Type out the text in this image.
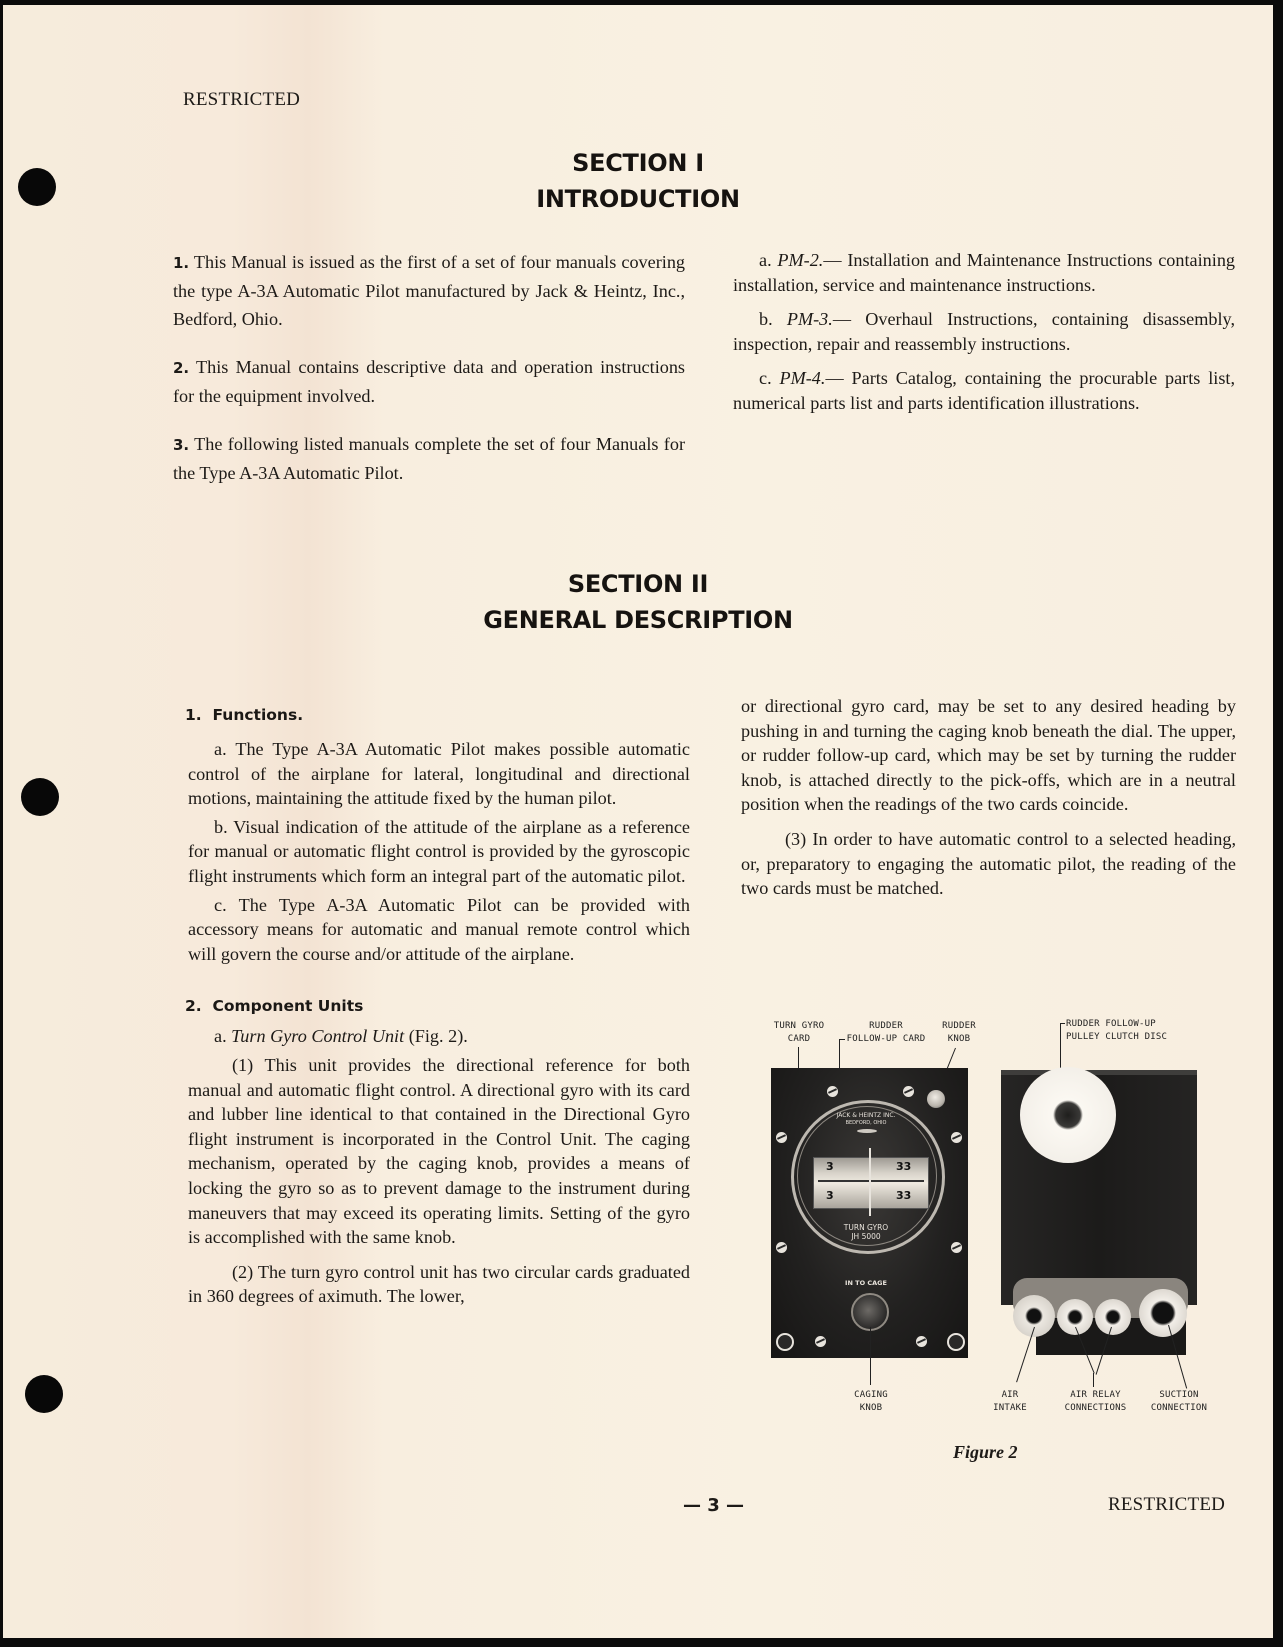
RESTRICTED
SECTION I
INTRODUCTION

1. This Manual is issued as the first of a set of four manuals covering the type A-3A Automatic Pilot manufactured by Jack & Heintz, Inc., Bedford, Ohio.

2. This Manual contains descriptive data and operation instructions for the equipment involved.

3. The following listed manuals complete the set of four Manuals for the Type A-3A Automatic Pilot.

a. PM-2.— Installation and Maintenance Instructions containing installation, service and maintenance instructions.

b. PM-3.— Overhaul Instructions, containing disassembly, inspection, repair and reassembly instructions.

c. PM-4.— Parts Catalog, containing the procurable parts list, numerical parts list and parts identification illustrations.

SECTION II
GENERAL DESCRIPTION
1. Functions.

a. The Type A-3A Automatic Pilot makes possible automatic control of the airplane for lateral, longitudinal and directional motions, maintaining the attitude fixed by the human pilot.

b. Visual indication of the attitude of the airplane as a reference for manual or automatic flight control is provided by the gyroscopic flight instruments which form an integral part of the automatic pilot.

c. The Type A-3A Automatic Pilot can be provided with accessory means for automatic and manual remote control which will govern the course and/or attitude of the airplane.

2. Component Units

a. Turn Gyro Control Unit (Fig. 2).

(1) This unit provides the directional reference for both manual and automatic flight control. A directional gyro with its card and lubber line identical to that contained in the Directional Gyro flight instrument is incorporated in the Control Unit. The caging mechanism, operated by the caging knob, provides a means of locking the gyro so as to prevent damage to the instrument during maneuvers that may exceed its operating limits. Setting of the gyro is accomplished with the same knob.

(2) The turn gyro control unit has two circular cards graduated in 360 degrees of aximuth. The lower,

or directional gyro card, may be set to any desired heading by pushing in and turning the caging knob beneath the dial. The upper, or rudder follow-up card, which may be set by turning the rudder knob, is attached directly to the pick-offs, which are in a neutral position when the readings of the two cards coincide.

(3) In order to have automatic control to a selected heading, or, preparatory to engaging the automatic pilot, the reading of the two cards must be matched.

TURN GYRO
CARD
RUDDER
FOLLOW-UP CARD
RUDDER
KNOB
RUDDER FOLLOW-UP
PULLEY CLUTCH DISC
JACK & HEINTZ INC.
BEDFORD, OHIO
3	33
3	33
TURN GYRO
JH 5000
IN TO CAGE
CAGING
KNOB
AIR
INTAKE
AIR RELAY
CONNECTIONS
SUCTION
CONNECTION
Figure 2
— 3 —	RESTRICTED
